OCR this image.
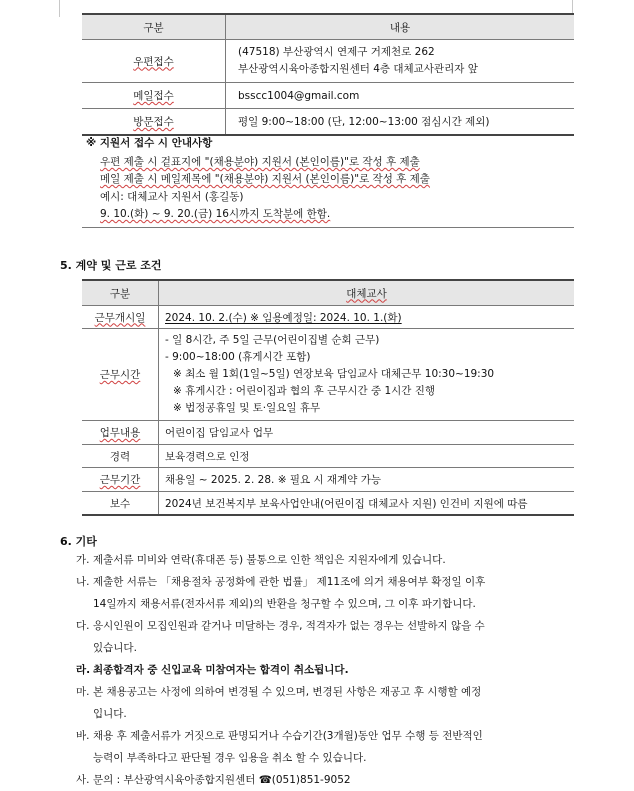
구분	내용
우편접수	(47518) 부산광역시 연제구 거제천로 262
부산광역시육아종합지원센터 4층 대체교사관리자 앞

메일접수	bsscc1004@gmail.com
방문접수	평일 9:00~18:00 (단, 12:00~13:00 점심시간 제외)
※ 지원서 접수 시 안내사항
우편 제출 시 겉표지에 "(채용분야) 지원서 (본인이름)"로 작성 후 제출
메일 제출 시 메일제목에 "(채용분야) 지원서 (본인이름)"로 작성 후 제출
예시: 대체교사 지원서 (홍길동)
9. 10.(화) ~ 9. 20.(금) 16시까지 도착분에 한함.
5. 계약 및 근로 조건
구분	대체교사
근무개시일	2024. 10. 2.(수) ※ 임용예정일: 2024. 10. 1.(화)
근무시간	- 일 8시간, 주 5일 근무(어린이집별 순회 근무)
- 9:00~18:00 (휴게시간 포함)
※ 최소 월 1회(1일~5일) 연장보육 담임교사 대체근무 10:30~19:30
※ 휴게시간 : 어린이집과 협의 후 근무시간 중 1시간 진행
※ 법정공휴일 및 토·일요일 휴무

업무내용	어린이집 담임교사 업무
경력	보육경력으로 인정
근무기간	채용일 ~ 2025. 2. 28. ※ 필요 시 재계약 가능
보수	2024년 보건복지부 보육사업안내(어린이집 대체교사 지원) 인건비 지원에 따름
6. 기타
가. 제출서류 미비와 연락(휴대폰 등) 불통으로 인한 책임은 지원자에게 있습니다.
나. 제출한 서류는 「채용절차 공정화에 관한 법률」 제11조에 의거 채용여부 확정일 이후
14일까지 채용서류(전자서류 제외)의 반환을 청구할 수 있으며, 그 이후 파기합니다.
다. 응시인원이 모집인원과 같거나 미달하는 경우, 적격자가 없는 경우는 선발하지 않을 수
있습니다.
라. 최종합격자 중 신입교육 미참여자는 합격이 취소됩니다.
마. 본 채용공고는 사정에 의하여 변경될 수 있으며, 변경된 사항은 재공고 후 시행할 예정
입니다.
바. 채용 후 제출서류가 거짓으로 판명되거나 수습기간(3개월)동안 업무 수행 등 전반적인
능력이 부족하다고 판단될 경우 임용을 취소 할 수 있습니다.
사. 문의 : 부산광역시육아종합지원센터 ☎(051)851-9052
